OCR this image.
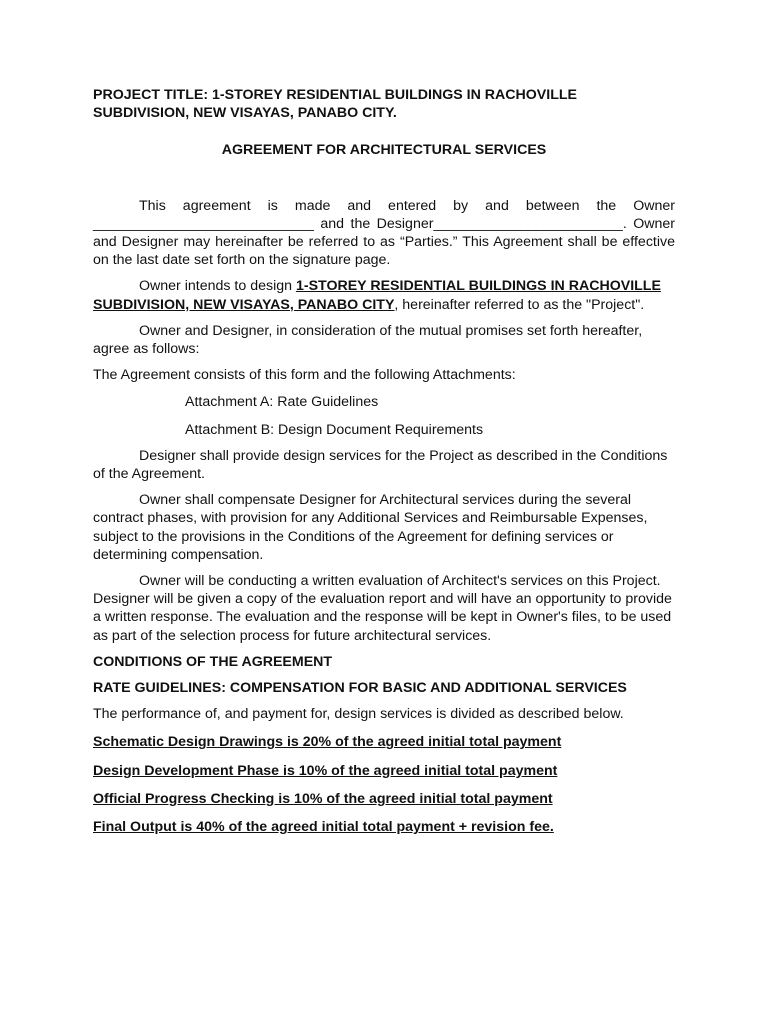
PROJECT TITLE: 1-STOREY RESIDENTIAL BUILDINGS IN RACHOVILLE SUBDIVISION, NEW VISAYAS, PANABO CITY.

AGREEMENT FOR ARCHITECTURAL SERVICES

This agreement is made and entered by and between the Owner ____________________________ and the Designer________________________. Owner and Designer may hereinafter be referred to as “Parties.” This Agreement shall be effective on the last date set forth on the signature page.

Owner intends to design 1-STOREY RESIDENTIAL BUILDINGS IN RACHOVILLE SUBDIVISION, NEW VISAYAS, PANABO CITY, hereinafter referred to as the "Project".

Owner and Designer, in consideration of the mutual promises set forth hereafter, agree as follows:

The Agreement consists of this form and the following Attachments:

Attachment A: Rate Guidelines

Attachment B: Design Document Requirements

Designer shall provide design services for the Project as described in the Conditions of the Agreement.

Owner shall compensate Designer for Architectural services during the several contract phases, with provision for any Additional Services and Reimbursable Expenses, subject to the provisions in the Conditions of the Agreement for defining services or determining compensation.

Owner will be conducting a written evaluation of Architect's services on this Project. Designer will be given a copy of the evaluation report and will have an opportunity to provide a written response. The evaluation and the response will be kept in Owner's files, to be used as part of the selection process for future architectural services.

CONDITIONS OF THE AGREEMENT

RATE GUIDELINES: COMPENSATION FOR BASIC AND ADDITIONAL SERVICES

The performance of, and payment for, design services is divided as described below.

Schematic Design Drawings is 20% of the agreed initial total payment

Design Development Phase is 10% of the agreed initial total payment

Official Progress Checking is 10% of the agreed initial total payment

Final Output is 40% of the agreed initial total payment + revision fee.
